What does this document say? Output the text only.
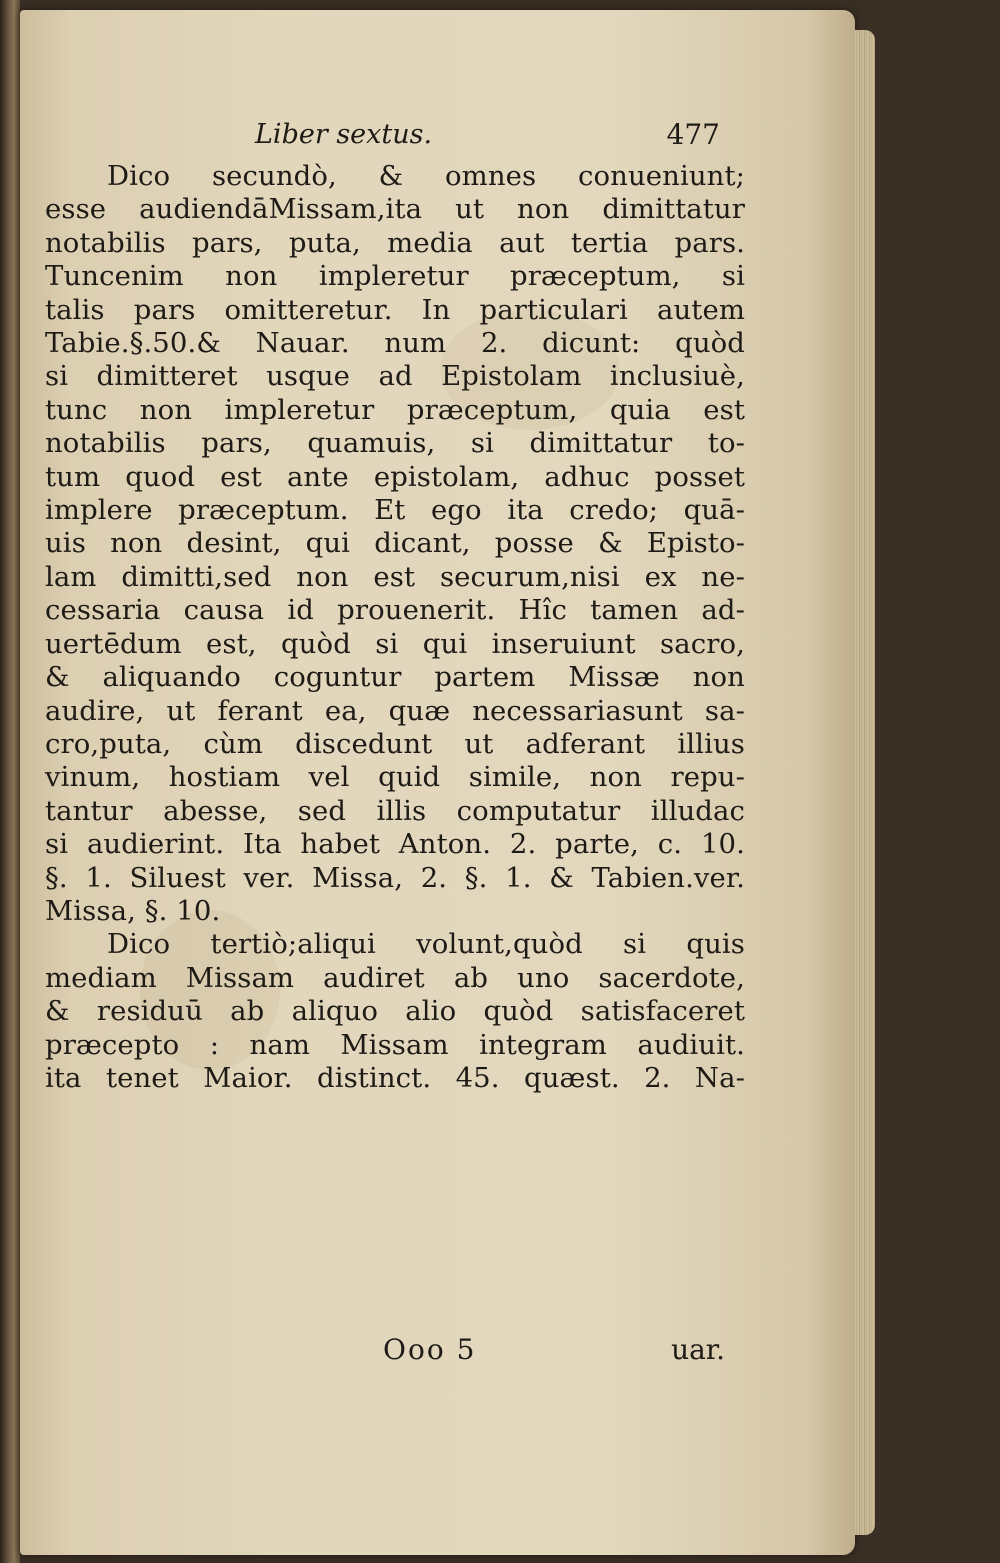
Liber sextus.	477
Dico secundò, & omnes conueniunt;
esse audiendāMissam,ita ut non dimittatur
notabilis pars, puta, media aut tertia pars.
Tuncenim non impleretur præceptum, si
talis pars omitteretur. In particulari autem
Tabie.§.50.& Nauar. num 2. dicunt: quòd
si dimitteret usque ad Epistolam inclusiuè,
tunc non impleretur præceptum, quia est
notabilis pars, quamuis, si dimittatur to-
tum quod est ante epistolam, adhuc posset
implere præceptum. Et ego ita credo; quā-
uis non desint, qui dicant, posse & Episto-
lam dimitti,sed non est securum,nisi ex ne-
cessaria causa id prouenerit. Hîc tamen ad-
uertēdum est, quòd si qui inseruiunt sacro,
& aliquando coguntur partem Missæ non
audire, ut ferant ea, quæ necessariasunt sa-
cro,puta, cùm discedunt ut adferant illius
vinum, hostiam vel quid simile, non repu-
tantur abesse, sed illis computatur illudac
si audierint. Ita habet Anton. 2. parte, c. 10.
§. 1. Siluest ver. Missa, 2. §. 1. & Tabien.ver.
Missa, §. 10.
Dico tertiò;aliqui volunt,quòd si quis
mediam Missam audiret ab uno sacerdote,
& residuū ab aliquo alio quòd satisfaceret
præcepto : nam Missam integram audiuit.
ita tenet Maior. distinct. 45. quæst. 2. Na-
Ooo 5	uar.
